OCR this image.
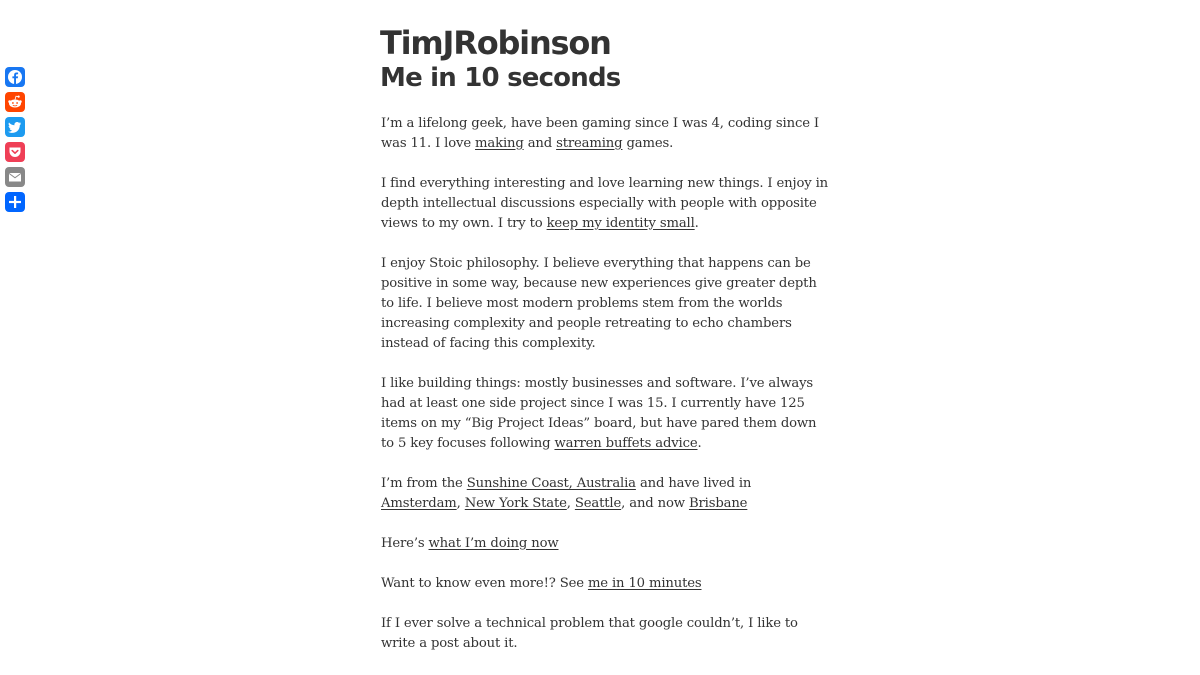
TimJRobinson
Me in 10 seconds

I’m a lifelong geek, have been gaming since I was 4, coding since I was 11. I love making and streaming games.

I find everything interesting and love learning new things. I enjoy in depth intellectual discussions especially with people with opposite views to my own. I try to keep my identity small.

I enjoy Stoic philosophy. I believe everything that happens can be positive in some way, because new experiences give greater depth to life. I believe most modern problems stem from the worlds increasing complexity and people retreating to echo chambers instead of facing this complexity.

I like building things: mostly businesses and software. I’ve always had at least one side project since I was 15. I currently have 125 items on my “Big Project Ideas” board, but have pared them down to 5 key focuses following warren buffets advice.

I’m from the Sunshine Coast, Australia and have lived in Amsterdam, New York State, Seattle, and now Brisbane

Here’s what I’m doing now

Want to know even more!? See me in 10 minutes

If I ever solve a technical problem that google couldn’t, I like to write a post about it.
